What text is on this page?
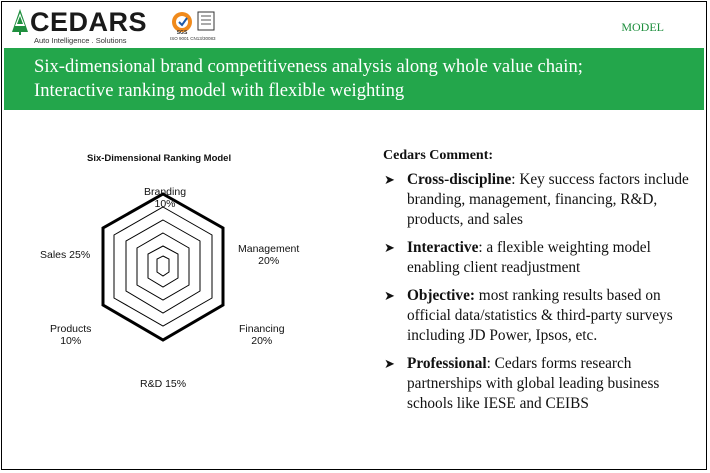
CEDARS
Auto Intelligence . Solutions	ISO 9001 CN13/30083
SGS	MODEL
Six-dimensional brand competitiveness analysis along whole value chain;
Interactive ranking model with flexible weighting
Six-Dimensional Ranking Model
Branding
10%
Management
20%
Financing
20%
R&D 15%
Products
10%
Sales 25%
Cedars Comment:
➤ Cross-discipline: Key success factors include branding, management, financing, R&D, products, and sales
➤ Interactive: a flexible weighting model enabling client readjustment
➤ Objective: most ranking results based on official data/statistics & third-party surveys including JD Power, Ipsos, etc.
➤ Professional: Cedars forms research partnerships with global leading business schools like IESE and CEIBS
